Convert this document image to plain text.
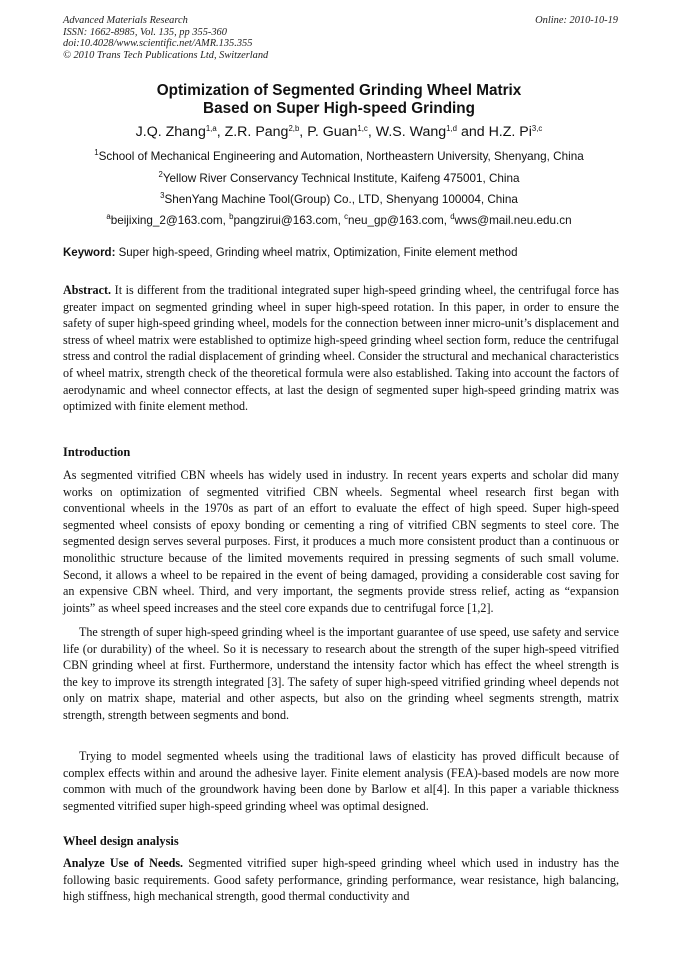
Advanced Materials Research
ISSN: 1662-8985, Vol. 135, pp 355-360
doi:10.4028/www.scientific.net/AMR.135.355
© 2010 Trans Tech Publications Ltd, Switzerland
Online: 2010-10-19
Optimization of Segmented Grinding Wheel Matrix
Based on Super High-speed Grinding
J.Q. Zhang$^{1,a}$, Z.R. Pang$^{2,b}$, P. Guan$^{1,c}$, W.S. Wang$^{1,d}$ and H.Z. Pi$^{3,c}$
$^1$School of Mechanical Engineering and Automation, Northeastern University, Shenyang, China
$^2$Yellow River Conservancy Technical Institute, Kaifeng 475001, China
$^3$ShenYang Machine Tool(Group) Co., LTD, Shenyang 100004, China
$^a$beijixing_2@163.com, $^b$pangzirui@163.com, $^c$neu_gp@163.com, $^d$wws@mail.neu.edu.cn
Keyword: Super high-speed, Grinding wheel matrix, Optimization, Finite element method
Abstract. It is different from the traditional integrated super high-speed grinding wheel, the centrifugal force has greater impact on segmented grinding wheel in super high-speed rotation. In this paper, in order to ensure the safety of super high-speed grinding wheel, models for the connection between inner micro-unit’s displacement and stress of wheel matrix were established to optimize high-speed grinding wheel section form, reduce the centrifugal stress and control the radial displacement of grinding wheel. Consider the structural and mechanical characteristics of wheel matrix, strength check of the theoretical formula were also established. Taking into account the factors of aerodynamic and wheel connector effects, at last the design of segmented super high-speed grinding matrix was optimized with finite element method.
Introduction
As segmented vitrified CBN wheels has widely used in industry. In recent years experts and scholar did many works on optimization of segmented vitrified CBN wheels. Segmental wheel research first began with conventional wheels in the 1970s as part of an effort to evaluate the effect of high speed. Super high-speed segmented wheel consists of epoxy bonding or cementing a ring of vitrified CBN segments to steel core. The segmented design serves several purposes. First, it produces a much more consistent product than a continuous or monolithic structure because of the limited movements required in pressing segments of such small volume. Second, it allows a wheel to be repaired in the event of being damaged, providing a considerable cost saving for an expensive CBN wheel. Third, and very important, the segments provide stress relief, acting as “expansion joints” as wheel speed increases and the steel core expands due to centrifugal force [1,2].
The strength of super high-speed grinding wheel is the important guarantee of use speed, use safety and service life (or durability) of the wheel. So it is necessary to research about the strength of the super high-speed vitrified CBN grinding wheel at first. Furthermore, understand the intensity factor which has effect the wheel strength is the key to improve its strength integrated [3]. The safety of super high-speed vitrified grinding wheel depends not only on matrix shape, material and other aspects, but also on the grinding wheel segments strength, matrix strength, strength between segments and bond.
Trying to model segmented wheels using the traditional laws of elasticity has proved difficult because of complex effects within and around the adhesive layer. Finite element analysis (FEA)-based models are now more common with much of the groundwork having been done by Barlow et al[4]. In this paper a variable thickness segmented vitrified super high-speed grinding wheel was optimal designed.
Wheel design analysis
Analyze Use of Needs. Segmented vitrified super high-speed grinding wheel which used in industry has the following basic requirements. Good safety performance, grinding performance, wear resistance, high balancing, high stiffness, high mechanical strength, good thermal conductivity and
